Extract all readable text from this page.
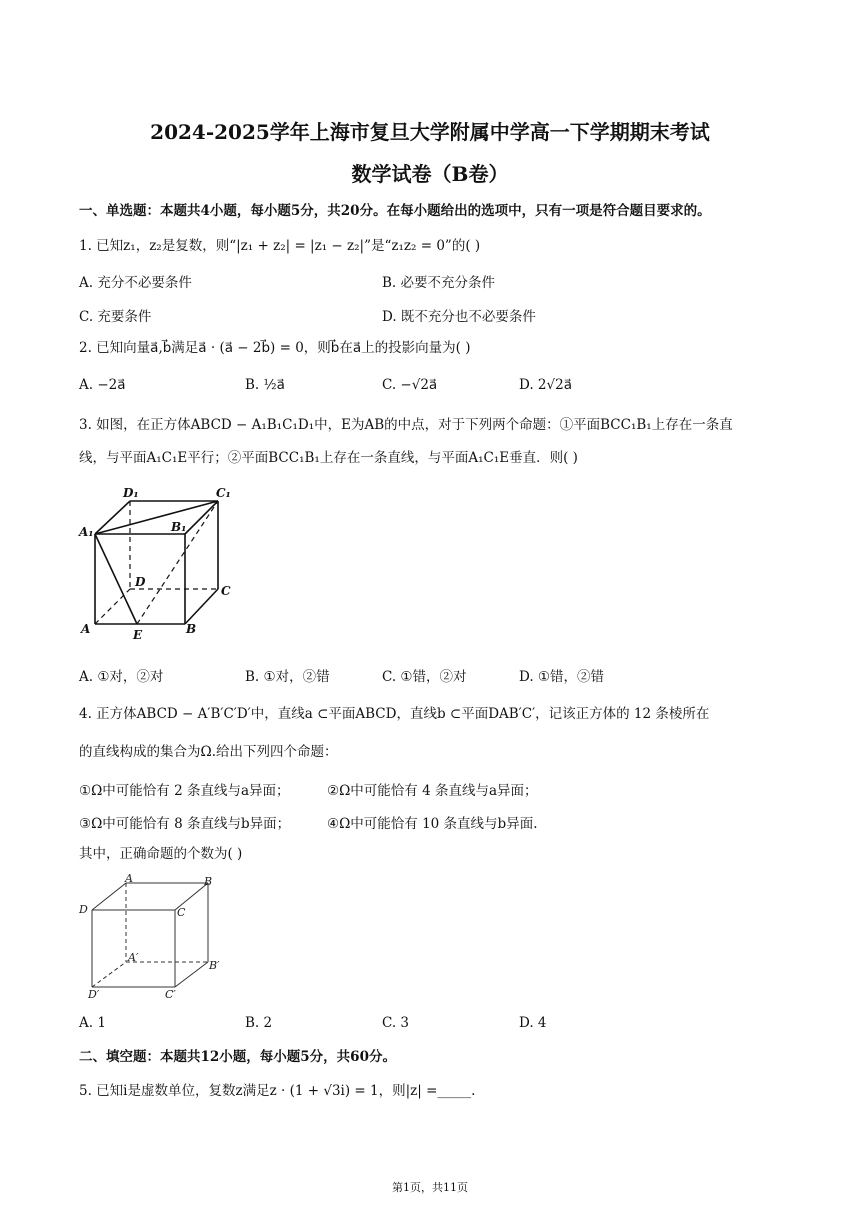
2024-2025学年上海市复旦大学附属中学高一下学期期末考试
数学试卷（B卷）
一、单选题：本题共4小题，每小题5分，共20分。在每小题给出的选项中，只有一项是符合题目要求的。
1. 已知z₁，z₂是复数，则“|z₁ + z₂| = |z₁ − z₂|”是“z₁z₂ = 0”的( )
A. 充分不必要条件	B. 必要不充分条件
C. 充要条件	D. 既不充分也不必要条件
2. 已知向量a⃗,b⃗满足a⃗ · (a⃗ − 2b⃗) = 0，则b⃗在a⃗上的投影向量为( )
A. −2a⃗	B. ½a⃗	C. −√2a⃗	D. 2√2a⃗
3. 如图，在正方体ABCD − A₁B₁C₁D₁中，E为AB的中点，对于下列两个命题：①平面BCC₁B₁上存在一条直
线，与平面A₁C₁E平行；②平面BCC₁B₁上存在一条直线，与平面A₁C₁E垂直．则( )
D₁	C₁
A₁	B₁
D
C
A	E	B
A. ①对，②对	B. ①对，②错	C. ①错，②对	D. ①错，②错
4. 正方体ABCD − A′B′C′D′中，直线a ⊂平面ABCD，直线b ⊂平面DAB′C′，记该正方体的 12 条棱所在
的直线构成的集合为Ω.给出下列四个命题：
①Ω中可能恰有 2 条直线与a异面；	②Ω中可能恰有 4 条直线与a异面；
③Ω中可能恰有 8 条直线与b异面；	④Ω中可能恰有 10 条直线与b异面.
其中，正确命题的个数为( )
A	B
D	C
A′
B′
D′	C′
A. 1	B. 2	C. 3	D. 4
二、填空题：本题共12小题，每小题5分，共60分。
5. 已知i是虚数单位，复数z满足z · (1 + √3i) = 1，则|z| =_____.
第1页，共11页
